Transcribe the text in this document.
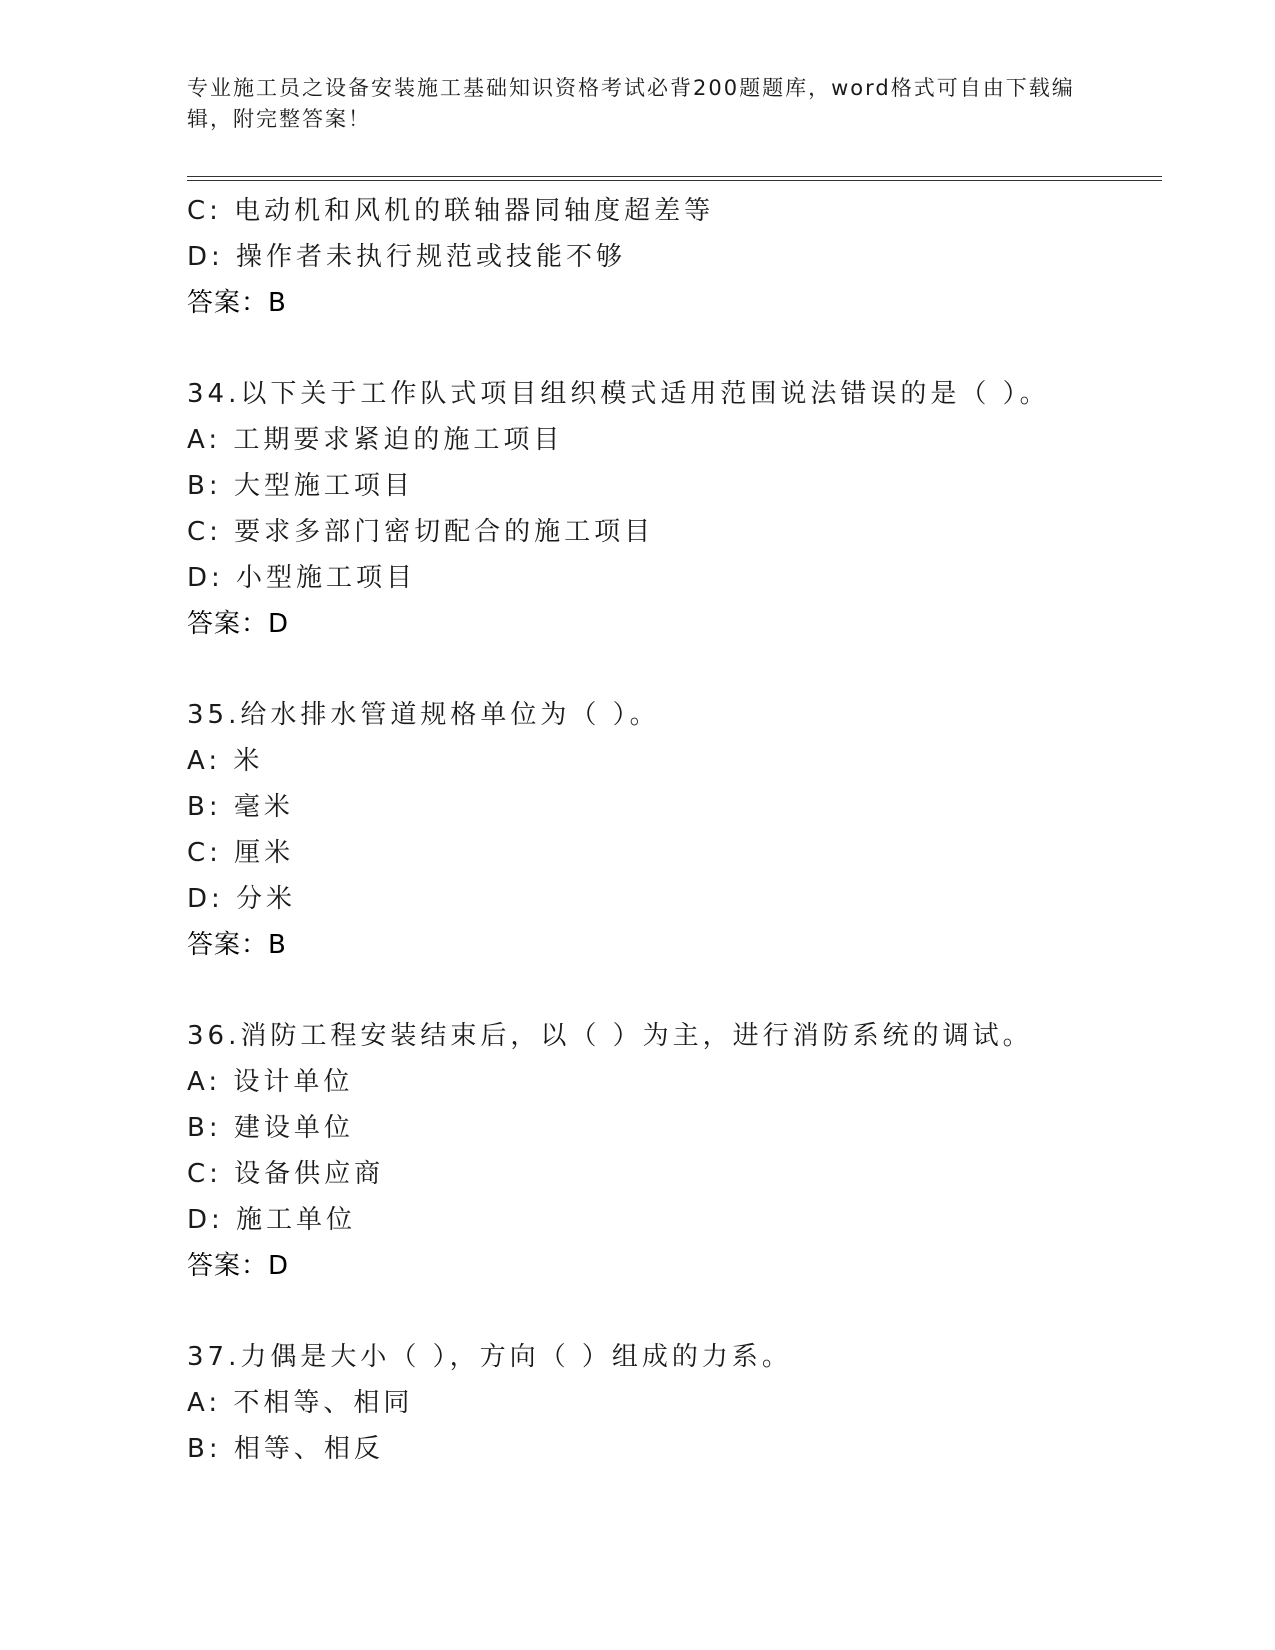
专业施工员之设备安装施工基础知识资格考试必背200题题库，word格式可自由下载编辑，附完整答案！
C: 电动机和风机的联轴器同轴度超差等
D: 操作者未执行规范或技能不够
答案：B
34.以下关于工作队式项目组织模式适用范围说法错误的是（ ）。
A: 工期要求紧迫的施工项目
B: 大型施工项目
C: 要求多部门密切配合的施工项目
D: 小型施工项目
答案：D
35.给水排水管道规格单位为（ ）。
A: 米
B: 毫米
C: 厘米
D: 分米
答案：B
36.消防工程安装结束后，以（ ）为主，进行消防系统的调试。
A: 设计单位
B: 建设单位
C: 设备供应商
D: 施工单位
答案：D
37.力偶是大小（ ），方向（ ）组成的力系。
A: 不相等、相同
B: 相等、相反
